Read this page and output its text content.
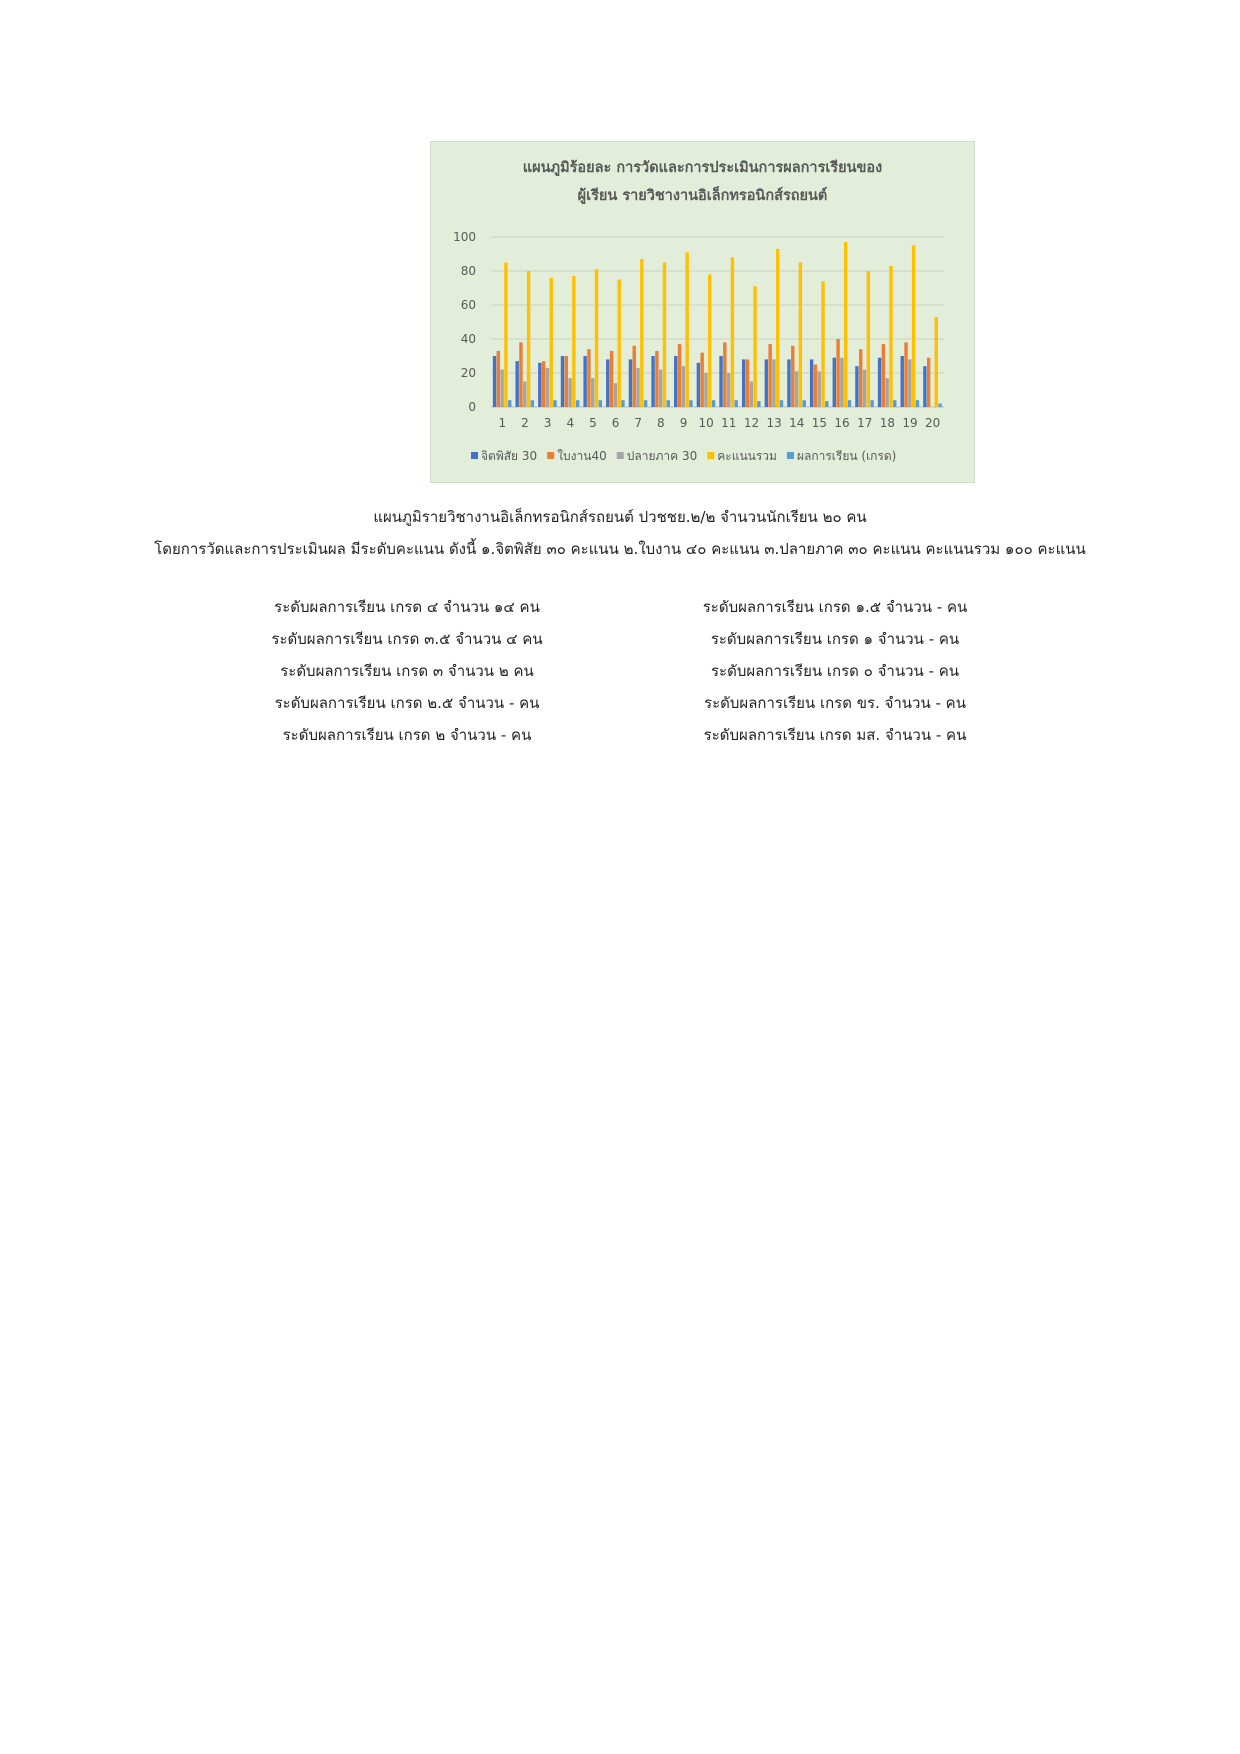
0
20
40
60
80
100
1 2 3 4 5 6 7 8 9 10 11 12 13 14 15 16 17 18 19 20
จิตพิสัย 30 ใบงาน40 ปลายภาค 30 คะแนนรวม ผลการเรียน (เกรด)
แผนภูมิร้อยละ การวัดและการประเมินการผลการเรียนของ
ผู้เรียน รายวิชางานอิเล็กทรอนิกส์รถยนต์
แผนภูมิรายวิชางานอิเล็กทรอนิกส์รถยนต์ ปวชชย.๒/๒ จำนวนนักเรียน ๒๐ คน
โดยการวัดและการประเมินผล มีระดับคะแนน ดังนี้ ๑.จิตพิสัย ๓๐ คะแนน ๒.ใบงาน ๔๐ คะแนน ๓.ปลายภาค ๓๐ คะแนน คะแนนรวม ๑๐๐ คะแนน
ระดับผลการเรียน เกรด ๔ จำนวน ๑๔ คน
ระดับผลการเรียน เกรด ๓.๕ จำนวน ๔ คน
ระดับผลการเรียน เกรด ๓ จำนวน ๒ คน
ระดับผลการเรียน เกรด ๒.๕ จำนวน - คน
ระดับผลการเรียน เกรด ๒ จำนวน - คน
ระดับผลการเรียน เกรด ๑.๕ จำนวน - คน
ระดับผลการเรียน เกรด ๑ จำนวน - คน
ระดับผลการเรียน เกรด ๐ จำนวน - คน
ระดับผลการเรียน เกรด ขร. จำนวน - คน
ระดับผลการเรียน เกรด มส. จำนวน - คน
